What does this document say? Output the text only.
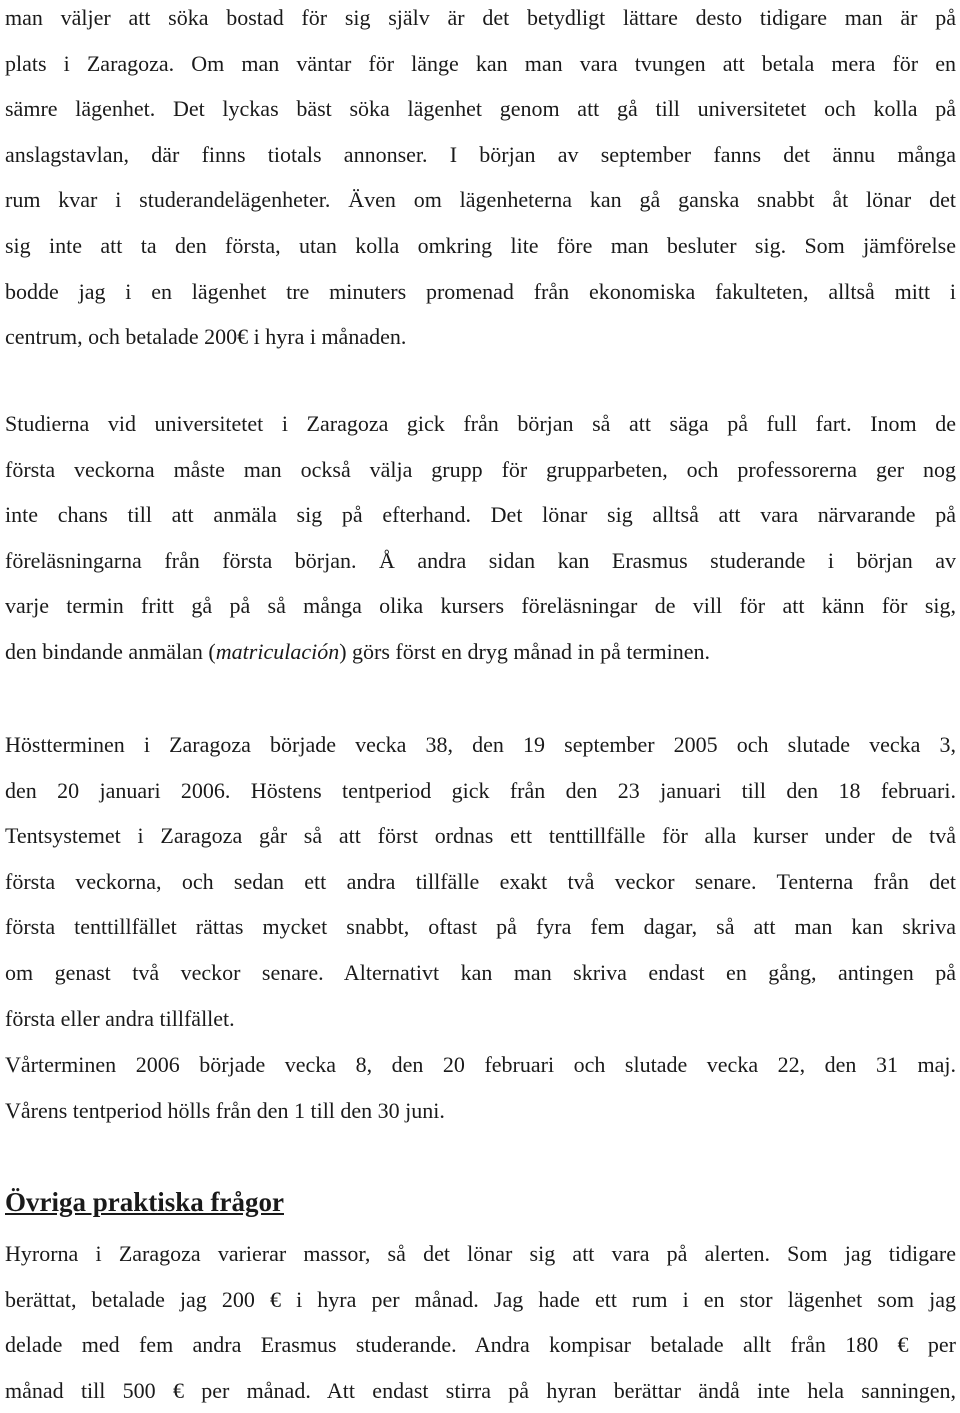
man väljer att söka bostad för sig själv är det betydligt lättare desto tidigare man är på
plats i Zaragoza. Om man väntar för länge kan man vara tvungen att betala mera för en
sämre lägenhet. Det lyckas bäst söka lägenhet genom att gå till universitetet och kolla på
anslagstavlan, där finns tiotals annonser. I början av september fanns det ännu många
rum kvar i studerandelägenheter. Även om lägenheterna kan gå ganska snabbt åt lönar det
sig inte att ta den första, utan kolla omkring lite före man besluter sig. Som jämförelse
bodde jag i en lägenhet tre minuters promenad från ekonomiska fakulteten, alltså mitt i
centrum, och betalade 200€ i hyra i månaden.

Studierna vid universitetet i Zaragoza gick från början så att säga på full fart. Inom de
första veckorna måste man också välja grupp för grupparbeten, och professorerna ger nog
inte chans till att anmäla sig på efterhand. Det lönar sig alltså att vara närvarande på
föreläsningarna från första början. Å andra sidan kan Erasmus studerande i början av
varje termin fritt gå på så många olika kursers föreläsningar de vill för att känn för sig,
den bindande anmälan (matriculación) görs först en dryg månad in på terminen.

Höstterminen i Zaragoza började vecka 38, den 19 september 2005 och slutade vecka 3,
den 20 januari 2006. Höstens tentperiod gick från den 23 januari till den 18 februari.
Tentsystemet i Zaragoza går så att först ordnas ett tenttillfälle för alla kurser under de två
första veckorna, och sedan ett andra tillfälle exakt två veckor senare. Tenterna från det
första tenttillfället rättas mycket snabbt, oftast på fyra fem dagar, så att man kan skriva
om genast två veckor senare. Alternativt kan man skriva endast en gång, antingen på
första eller andra tillfället.

Vårterminen 2006 började vecka 8, den 20 februari och slutade vecka 22, den 31 maj.
Vårens tentperiod hölls från den 1 till den 30 juni.

Övriga praktiska frågor

Hyrorna i Zaragoza varierar massor, så det lönar sig att vara på alerten. Som jag tidigare
berättat, betalade jag 200 € i hyra per månad. Jag hade ett rum i en stor lägenhet som jag
delade med fem andra Erasmus studerande. Andra kompisar betalade allt från 180 € per
månad till 500 € per månad. Att endast stirra på hyran berättar ändå inte hela sanningen,
